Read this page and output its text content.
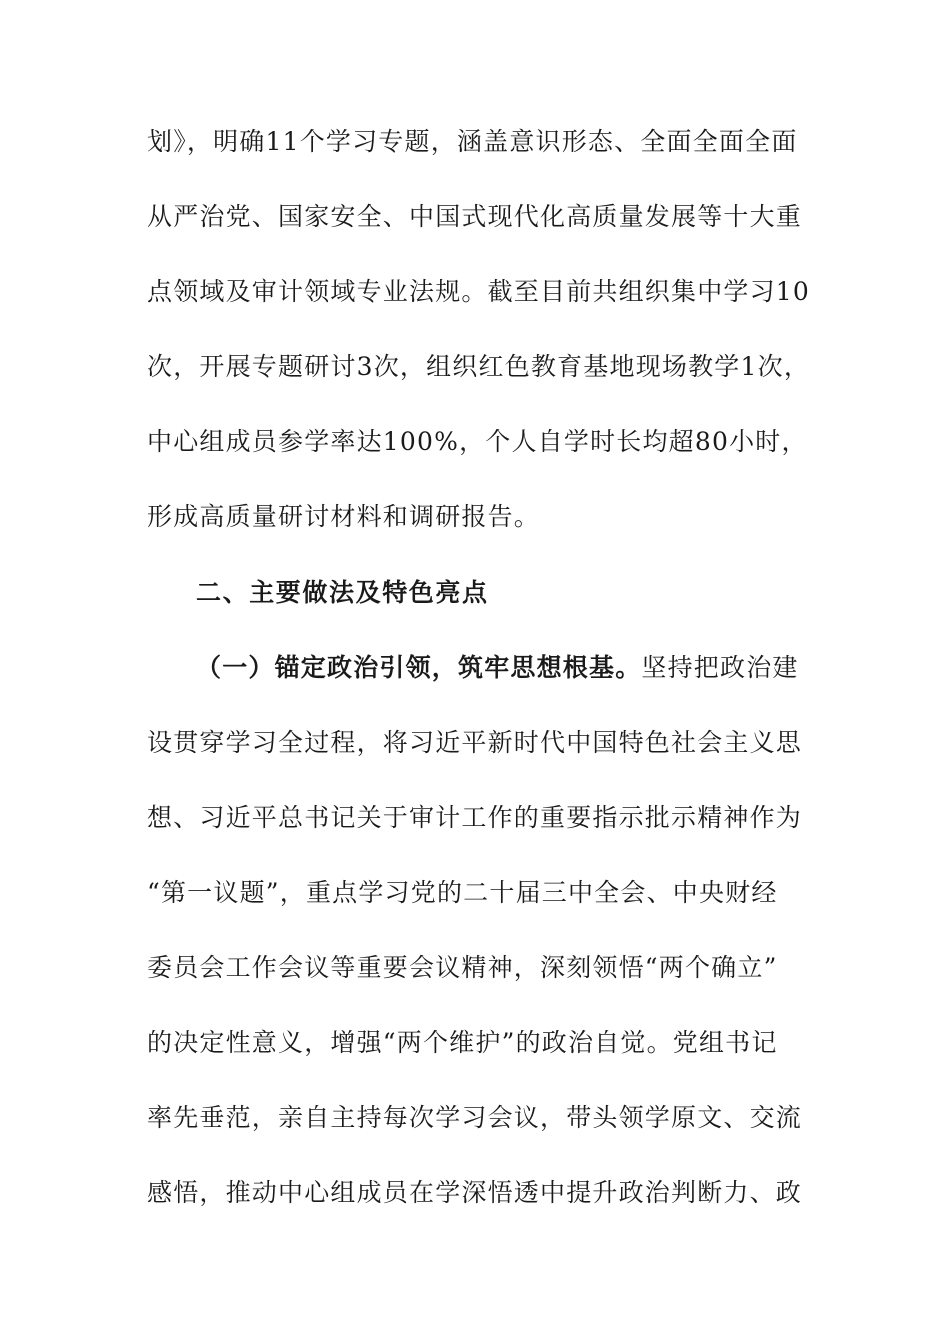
划》，明确11个学习专题，涵盖意识形态、全面全面全面
从严治党、国家安全、中国式现代化高质量发展等十大重
点领域及审计领域专业法规。截至目前共组织集中学习10
次，开展专题研讨3次，组织红色教育基地现场教学1次，
中心组成员参学率达100%，个人自学时长均超80小时，
形成高质量研讨材料和调研报告。
二、主要做法及特色亮点
（一）锚定政治引领，筑牢思想根基。坚持把政治建
设贯穿学习全过程，将习近平新时代中国特色社会主义思
想、习近平总书记关于审计工作的重要指示批示精神作为
“第一议题”，重点学习党的二十届三中全会、中央财经
委员会工作会议等重要会议精神，深刻领悟“两个确立”
的决定性意义，增强“两个维护”的政治自觉。党组书记
率先垂范，亲自主持每次学习会议，带头领学原文、交流
感悟，推动中心组成员在学深悟透中提升政治判断力、政
